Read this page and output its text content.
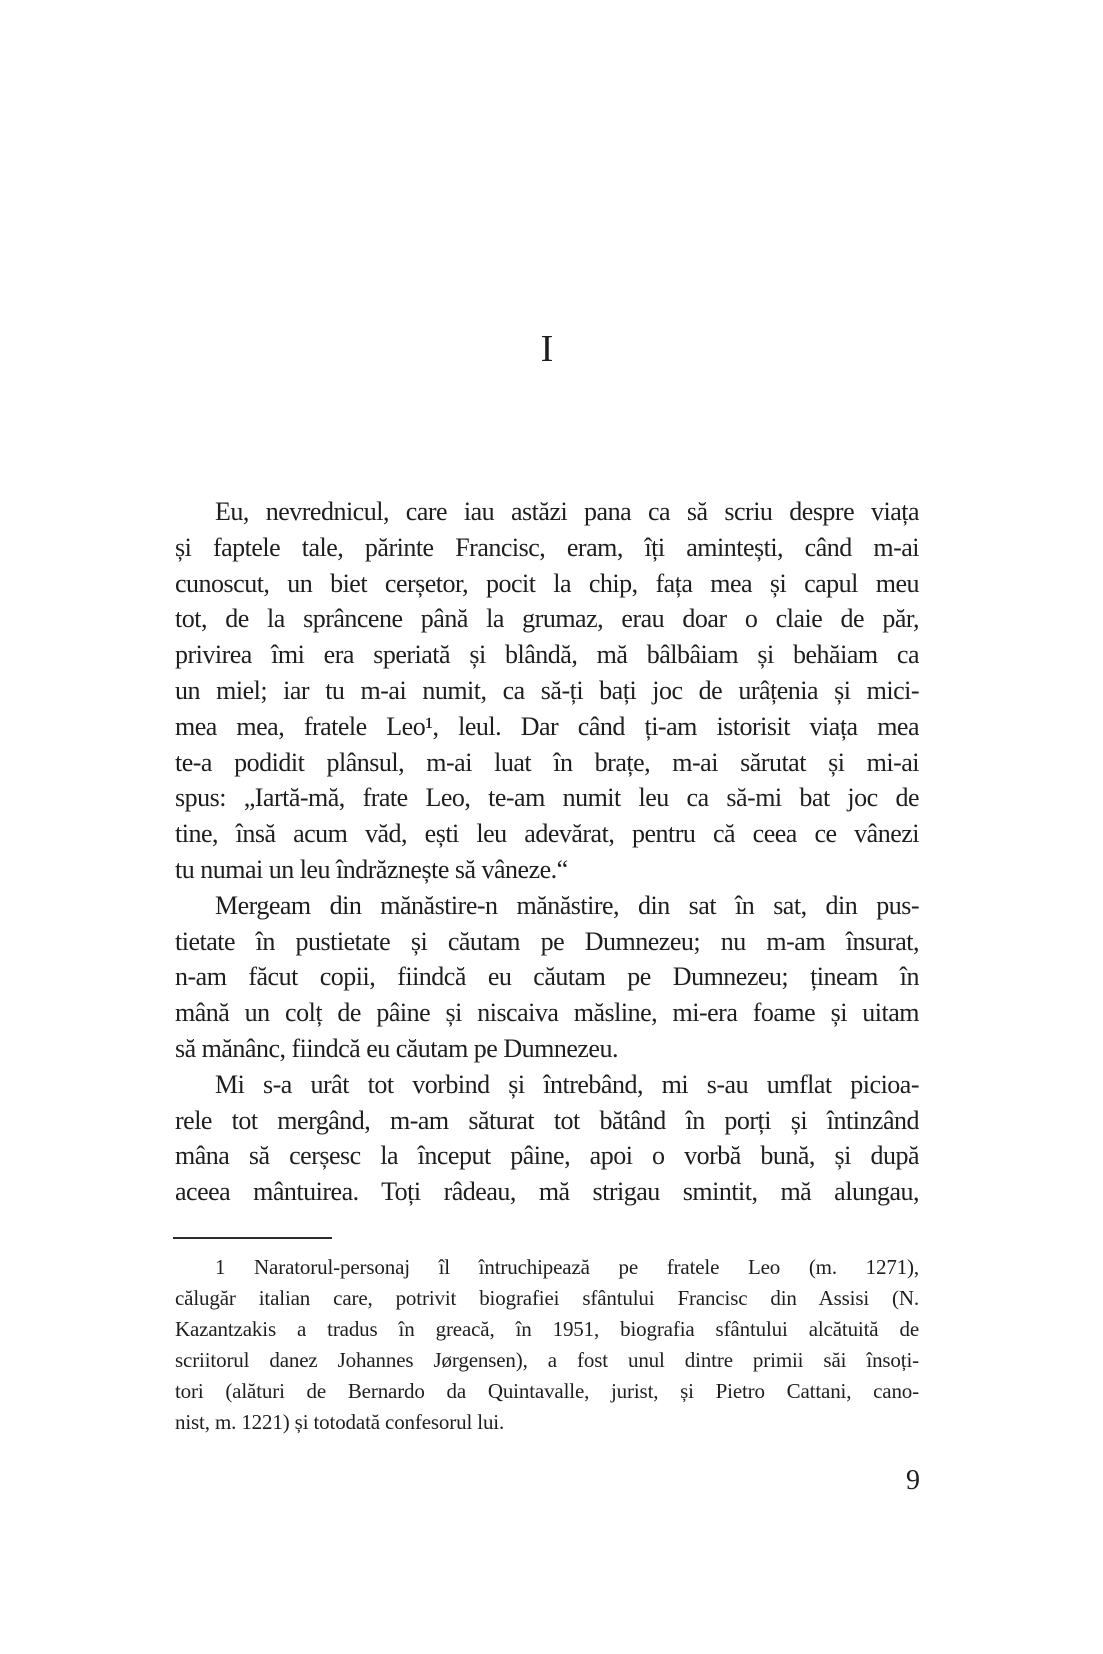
I
Eu, nevrednicul, care iau astăzi pana ca să scriu despre viața
și faptele tale, părinte Francisc, eram, îți amintești, când m-ai
cunoscut, un biet cerșetor, pocit la chip, fața mea și capul meu
tot, de la sprâncene până la grumaz, erau doar o claie de păr,
privirea îmi era speriată și blândă, mă bâlbâiam și behăiam ca
un miel; iar tu m-ai numit, ca să-ți bați joc de urâțenia și mici-
mea mea, fratele Leo¹, leul. Dar când ți-am istorisit viața mea
te-a podidit plânsul, m-ai luat în brațe, m-ai sărutat și mi-ai
spus: „Iartă-mă, frate Leo, te-am numit leu ca să-mi bat joc de
tine, însă acum văd, ești leu adevărat, pentru că ceea ce vânezi
tu numai un leu îndrăznește să vâneze.“
Mergeam din mănăstire-n mănăstire, din sat în sat, din pus-
tietate în pustietate și căutam pe Dumnezeu; nu m-am însurat,
n-am făcut copii, fiindcă eu căutam pe Dumnezeu; țineam în
mână un colț de pâine și niscaiva măsline, mi-era foame și uitam
să mănânc, fiindcă eu căutam pe Dumnezeu.
Mi s-a urât tot vorbind și întrebând, mi s-au umflat picioa-
rele tot mergând, m-am săturat tot bătând în porți și întinzând
mâna să cerșesc la început pâine, apoi o vorbă bună, și după
aceea mântuirea. Toți râdeau, mă strigau smintit, mă alungau,
1 Naratorul-personaj îl întruchipează pe fratele Leo (m. 1271),
călugăr italian care, potrivit biografiei sfântului Francisc din Assisi (N.
Kazantzakis a tradus în greacă, în 1951, biografia sfântului alcătuită de
scriitorul danez Johannes Jørgensen), a fost unul dintre primii săi însoți-
tori (alături de Bernardo da Quintavalle, jurist, și Pietro Cattani, cano-
nist, m. 1221) și totodată confesorul lui.
9
